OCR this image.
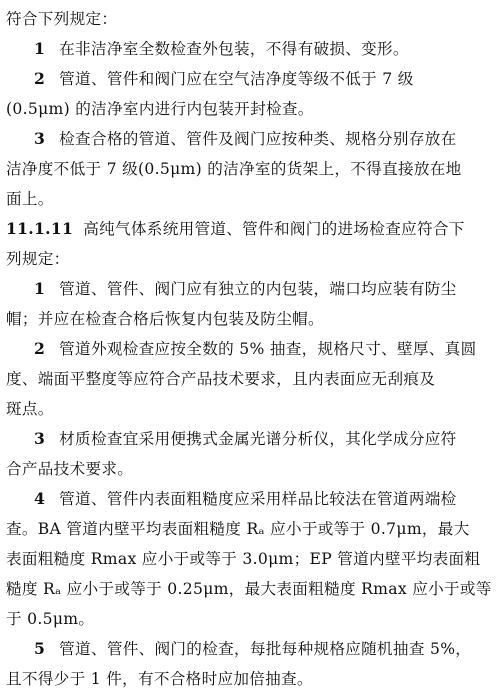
符合下列规定：
1 在非洁净室全数检查外包装，不得有破损、变形。
2 管道、管件和阀门应在空气洁净度等级不低于 7 级
(0.5μm) 的洁净室内进行内包装开封检查。
3 检查合格的管道、管件及阀门应按种类、规格分别存放在
洁净度不低于 7 级(0.5μm) 的洁净室的货架上，不得直接放在地
面上。
11.1.11 高纯气体系统用管道、管件和阀门的进场检查应符合下
列规定：
1 管道、管件、阀门应有独立的内包装，端口均应装有防尘
帽；并应在检查合格后恢复内包装及防尘帽。
2 管道外观检查应按全数的 5% 抽查，规格尺寸、壁厚、真圆
度、端面平整度等应符合产品技术要求，且内表面应无刮痕及
斑点。
3 材质检查宜采用便携式金属光谱分析仪，其化学成分应符
合产品技术要求。
4 管道、管件内表面粗糙度应采用样品比较法在管道两端检
查。BA 管道内壁平均表面粗糙度 Rₐ 应小于或等于 0.7μm，最大
表面粗糙度 Rmax 应小于或等于 3.0μm；EP 管道内壁平均表面粗
糙度 Rₐ 应小于或等于 0.25μm，最大表面粗糙度 Rmax 应小于或等
于 0.5μm。
5 管道、管件、阀门的检查，每批每种规格应随机抽查 5%，
且不得少于 1 件，有不合格时应加倍抽查。
